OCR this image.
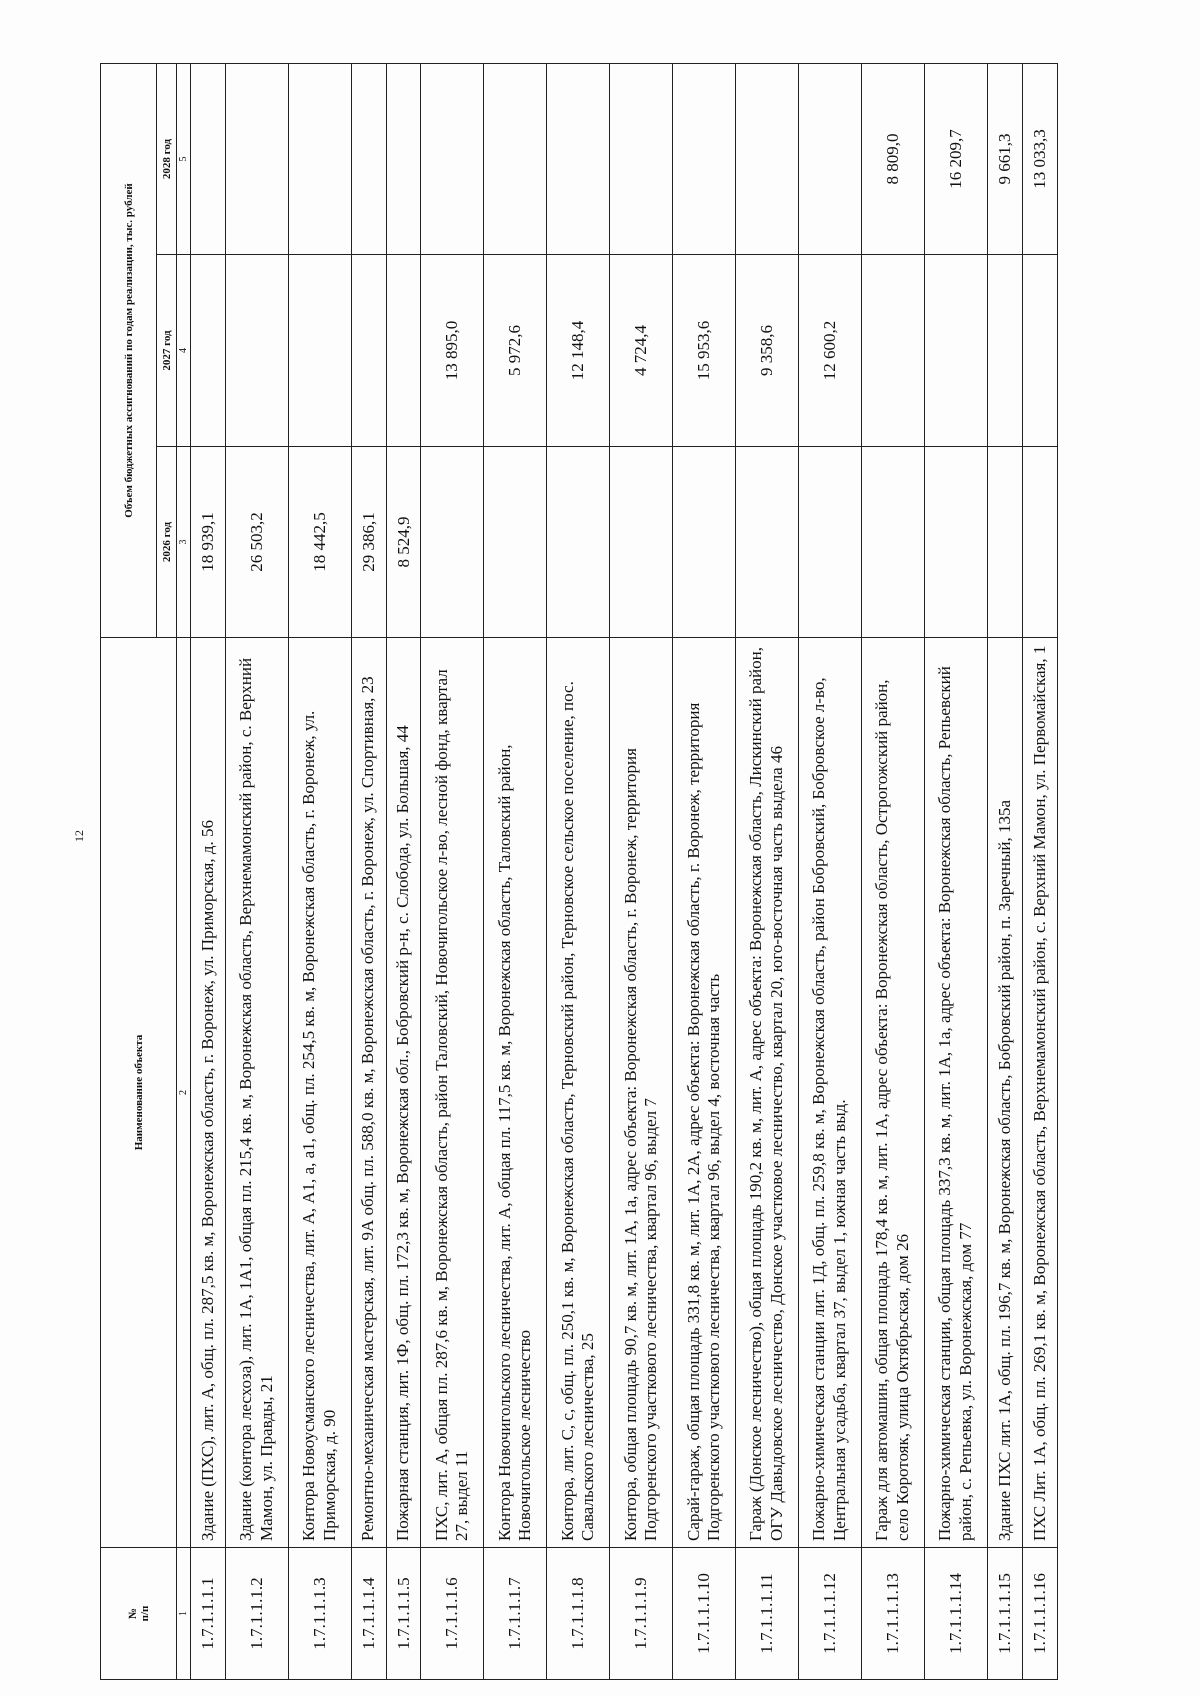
12
№
п/п	Наименование объекта	Объем бюджетных ассигнований по годам реализации, тыс. рублей		
		2026 год	2027 год	2028 год
1	2	3	4	5
1.7.1.1.1.1	Здание (ПХС), лит. А, общ. пл. 287,5 кв. м, Воронежская область, г. Воронеж, ул. Приморская, д. 56	18 939,1		
1.7.1.1.1.2	Здание (контора лесхоза), лит. 1А, 1А1, общая пл. 215,4 кв. м, Воронежская область, Верхнемамонский район, с. Верхний Мамон, ул. Правды, 21	26 503,2		
1.7.1.1.1.3	Контора Новоусманского лесничества, лит. А, А1, а, а1, общ. пл. 254,5 кв. м, Воронежская область, г. Воронеж, ул. Приморская, д. 90	18 442,5		
1.7.1.1.1.4	Ремонтно-механическая мастерская, лит. 9А общ. пл. 588,0 кв. м, Воронежская область, г. Воронеж, ул. Спортивная, 23	29 386,1		
1.7.1.1.1.5	Пожарная станция, лит. 1Ф, общ. пл. 172,3 кв. м, Воронежская обл., Бобровский р-н, с. Слобода, ул. Большая, 44	8 524,9		
1.7.1.1.1.6	ПХС, лит. А, общая пл. 287,6 кв. м, Воронежская область, район Таловский, Новочигольское л-во, лесной фонд, квартал 27, выдел 11		13 895,0	
1.7.1.1.1.7	Контора Новочигольского лесничества, лит. А, общая пл. 117,5 кв. м, Воронежская область, Таловский район, Новочигольское лесничество		5 972,6	
1.7.1.1.1.8	Контора, лит. С, с, общ. пл. 250,1 кв. м, Воронежская область, Терновский район, Терновское сельское поселение, пос. Савальского лесничества, 25		12 148,4	
1.7.1.1.1.9	Контора, общая площадь 90,7 кв. м, лит. 1А, 1а, адрес объекта: Воронежская область, г. Воронеж, территория Подгоренского участкового лесничества, квартал 96, выдел 7		4 724,4	
1.7.1.1.1.10	Сарай-гараж, общая площадь 331,8 кв. м, лит. 1А, 2А, адрес объекта: Воронежская область, г. Воронеж, территория Подгоренского участкового лесничества, квартал 96, выдел 4, восточная часть		15 953,6	
1.7.1.1.1.11	Гараж (Донское лесничество), общая площадь 190,2 кв. м, лит. А, адрес объекта: Воронежская область, Лискинский район, ОГУ Давыдовское лесничество, Донское участковое лесничество, квартал 20, юго-восточная часть выдела 46		9 358,6	
1.7.1.1.1.12	Пожарно-химическая станции лит. 1Д, общ. пл. 259,8 кв. м, Воронежская область, район Бобровский, Бобровское л-во, Центральная усадьба, квартал 37, выдел 1, южная часть выд.		12 600,2	
1.7.1.1.1.13	Гараж для автомашин, общая площадь 178,4 кв. м, лит. 1А, адрес объекта: Воронежская область, Острогожский район, село Коротояк, улица Октябрьская, дом 26			8 809,0
1.7.1.1.1.14	Пожарно-химическая станции, общая площадь 337,3 кв. м, лит. 1А, 1а, адрес объекта: Воронежская область, Репьевский район, с. Репьевка, ул. Воронежская, дом 77			16 209,7
1.7.1.1.1.15	Здание ПХС лит. 1А, общ. пл. 196,7 кв. м, Воронежская область, Бобровский район, п. Заречный, 135а			9 661,3
1.7.1.1.1.16	ПХС Лит. 1А, общ. пл. 269,1 кв. м, Воронежская область, Верхнемамонский район, с. Верхний Мамон, ул. Первомайская, 1			13 033,3
